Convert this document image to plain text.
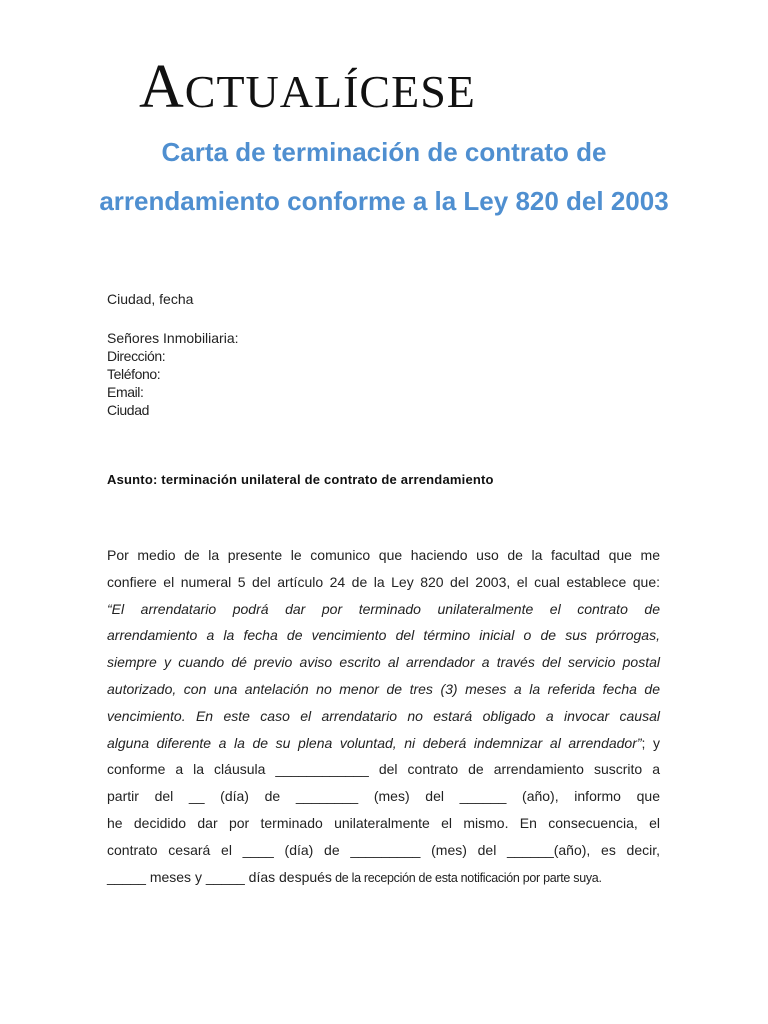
ACTUALÍCESE
Carta de terminación de contrato de arrendamiento conforme a la Ley 820 del 2003
Ciudad, fecha
Señores Inmobiliaria:
Dirección:
Teléfono:
Email:
Ciudad
Asunto: terminación unilateral de contrato de arrendamiento
Por medio de la presente le comunico que haciendo uso de la facultad que me
confiere el numeral 5 del artículo 24 de la Ley 820 del 2003, el cual establece que:
“El arrendatario podrá dar por terminado unilateralmente el contrato de
arrendamiento a la fecha de vencimiento del término inicial o de sus prórrogas,
siempre y cuando dé previo aviso escrito al arrendador a través del servicio postal
autorizado, con una antelación no menor de tres (3) meses a la referida fecha de
vencimiento. En este caso el arrendatario no estará obligado a invocar causal
alguna diferente a la de su plena voluntad, ni deberá indemnizar al arrendador”; y
conforme a la cláusula ____________ del contrato de arrendamiento suscrito a
partir del __ (día) de ________ (mes) del ______ (año), informo que
he decidido dar por terminado unilateralmente el mismo. En consecuencia, el
contrato cesará el ____ (día) de _________ (mes) del ______(año), es decir,
_____ meses y _____ días después de la recepción de esta notificación por parte suya.
